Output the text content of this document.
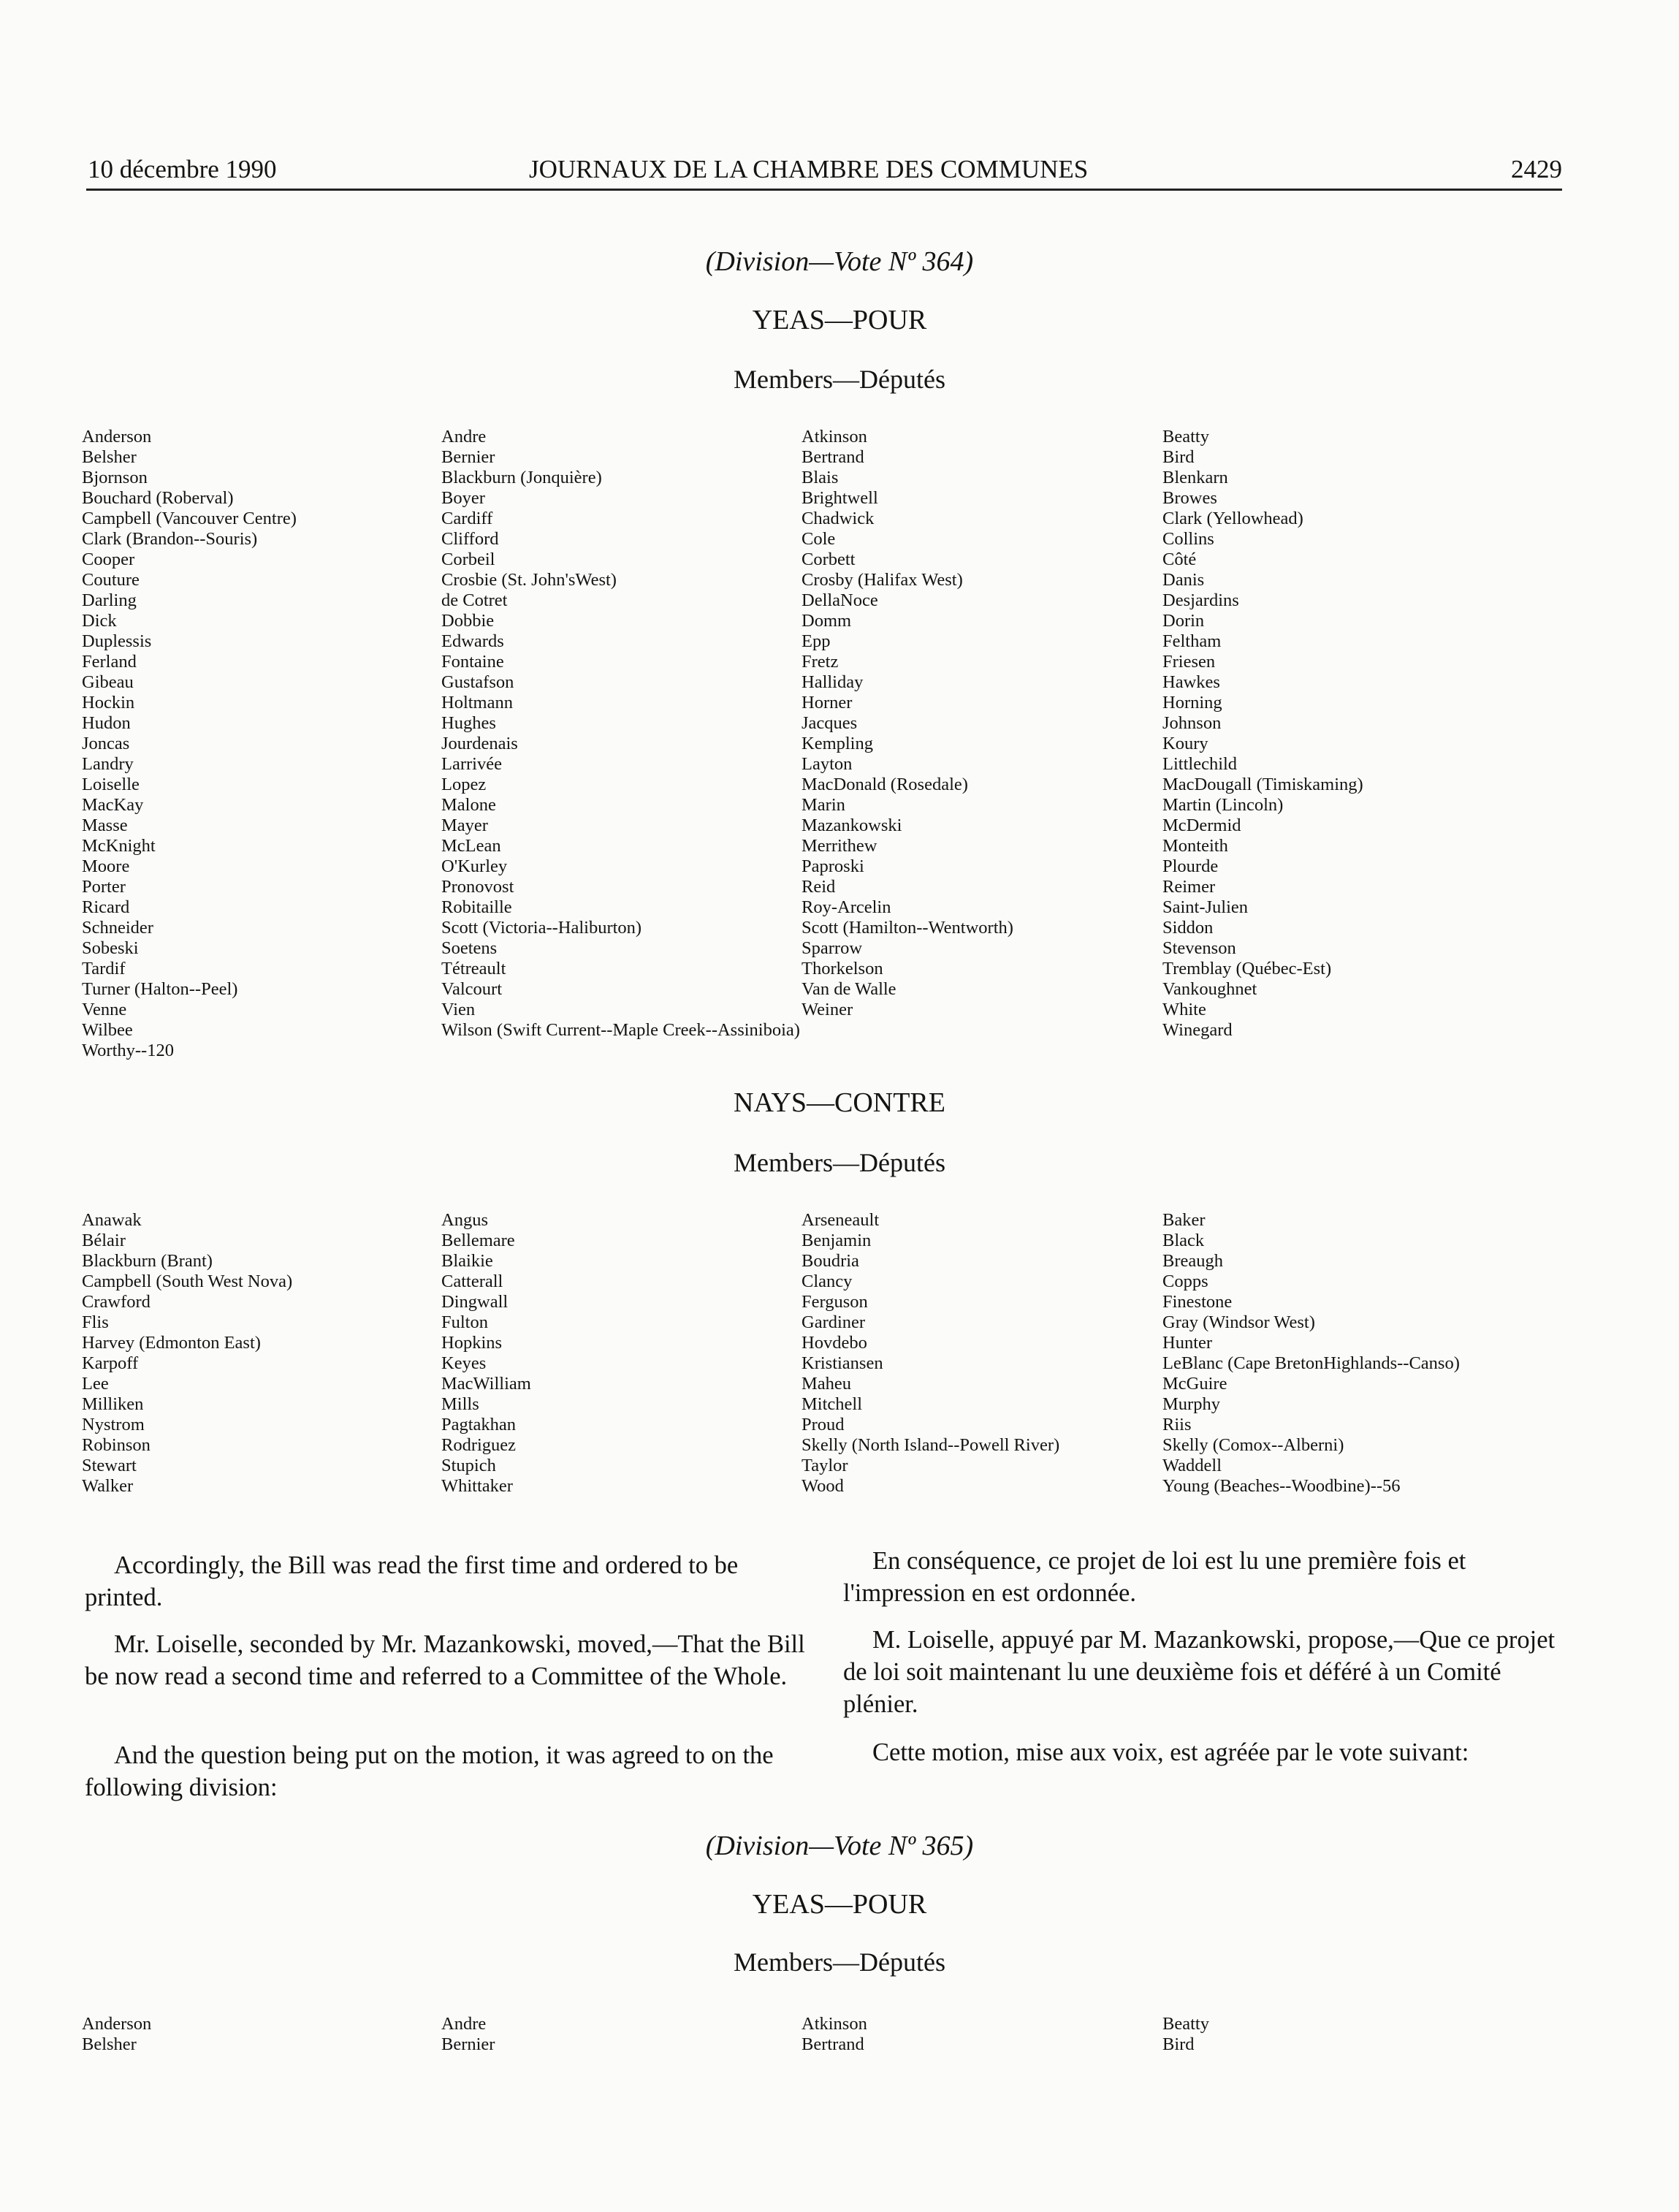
10 décembre 1990	JOURNAUX DE LA CHAMBRE DES COMMUNES	2429
(Division—Vote Nº 364)
YEAS—POUR
Members—Députés
Anderson
Belsher
Bjornson
Bouchard (Roberval)
Campbell (Vancouver Centre)
Clark (Brandon--Souris)
Cooper
Couture
Darling
Dick
Duplessis
Ferland
Gibeau
Hockin
Hudon
Joncas
Landry
Loiselle
MacKay
Masse
McKnight
Moore
Porter
Ricard
Schneider
Sobeski
Tardif
Turner (Halton--Peel)
Venne
Wilbee
Worthy--120
Andre
Bernier
Blackburn (Jonquière)
Boyer
Cardiff
Clifford
Corbeil
Crosbie (St. John'sWest)
de Cotret
Dobbie
Edwards
Fontaine
Gustafson
Holtmann
Hughes
Jourdenais
Larrivée
Lopez
Malone
Mayer
McLean
O'Kurley
Pronovost
Robitaille
Scott (Victoria--Haliburton)
Soetens
Tétreault
Valcourt
Vien
Wilson (Swift Current--Maple Creek--Assiniboia)
Atkinson
Bertrand
Blais
Brightwell
Chadwick
Cole
Corbett
Crosby (Halifax West)
DellaNoce
Domm
Epp
Fretz
Halliday
Horner
Jacques
Kempling
Layton
MacDonald (Rosedale)
Marin
Mazankowski
Merrithew
Paproski
Reid
Roy-Arcelin
Scott (Hamilton--Wentworth)
Sparrow
Thorkelson
Van de Walle
Weiner
Beatty
Bird
Blenkarn
Browes
Clark (Yellowhead)
Collins
Côté
Danis
Desjardins
Dorin
Feltham
Friesen
Hawkes
Horning
Johnson
Koury
Littlechild
MacDougall (Timiskaming)
Martin (Lincoln)
McDermid
Monteith
Plourde
Reimer
Saint-Julien
Siddon
Stevenson
Tremblay (Québec-Est)
Vankoughnet
White
Winegard
NAYS—CONTRE
Members—Députés
Anawak
Bélair
Blackburn (Brant)
Campbell (South West Nova)
Crawford
Flis
Harvey (Edmonton East)
Karpoff
Lee
Milliken
Nystrom
Robinson
Stewart
Walker
Angus
Bellemare
Blaikie
Catterall
Dingwall
Fulton
Hopkins
Keyes
MacWilliam
Mills
Pagtakhan
Rodriguez
Stupich
Whittaker
Arseneault
Benjamin
Boudria
Clancy
Ferguson
Gardiner
Hovdebo
Kristiansen
Maheu
Mitchell
Proud
Skelly (North Island--Powell River)
Taylor
Wood
Baker
Black
Breaugh
Copps
Finestone
Gray (Windsor West)
Hunter
LeBlanc (Cape BretonHighlands--Canso)
McGuire
Murphy
Riis
Skelly (Comox--Alberni)
Waddell
Young (Beaches--Woodbine)--56

Accordingly, the Bill was read the first time and ordered to be printed.

En conséquence, ce projet de loi est lu une première fois et l'impression en est ordonnée.

Mr. Loiselle, seconded by Mr. Mazankowski, moved,—That the Bill be now read a second time and referred to a Committee of the Whole.

M. Loiselle, appuyé par M. Mazankowski, propose,—Que ce projet de loi soit maintenant lu une deuxième fois et déféré à un Comité plénier.

And the question being put on the motion, it was agreed to on the following division:

Cette motion, mise aux voix, est agréée par le vote suivant:

(Division—Vote Nº 365)
YEAS—POUR
Members—Députés
Anderson
Belsher
Andre
Bernier
Atkinson
Bertrand
Beatty
Bird
